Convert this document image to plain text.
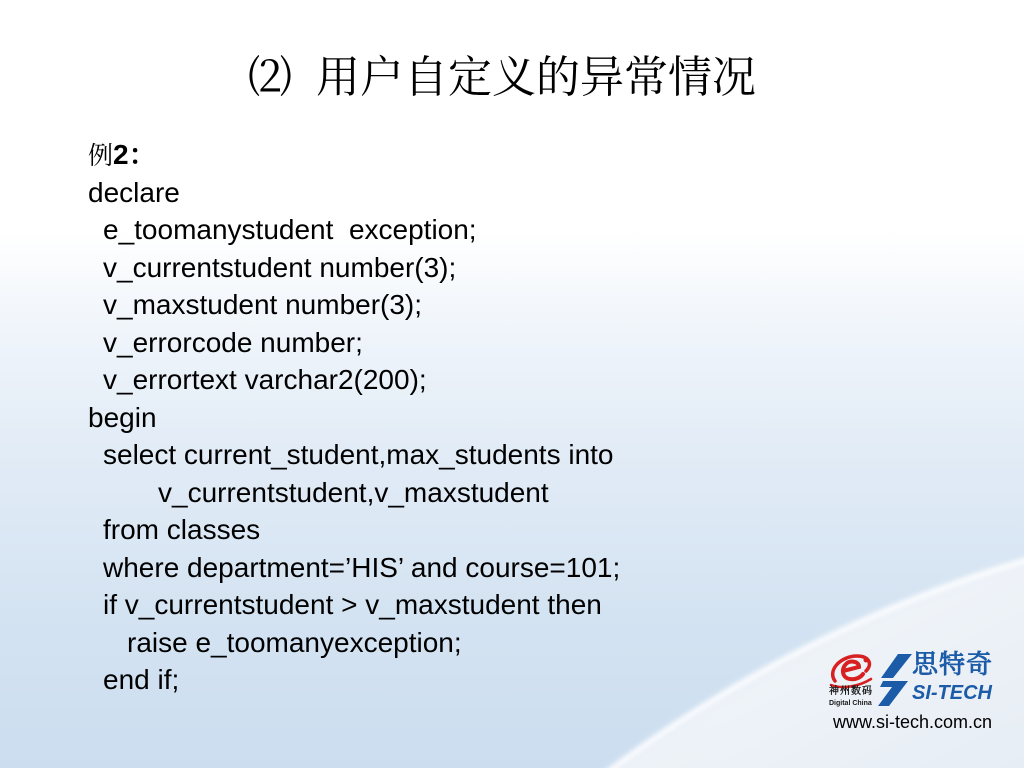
⑵ 用户自定义的异常情况
例2：
declare
e_toomanystudent  exception;
v_currentstudent number(3);
v_maxstudent number(3);
v_errorcode number;
v_errortext varchar2(200);
begin
select current_student,max_students into
v_currentstudent,v_maxstudent
from classes
where department=’HIS’ and course=101;
if v_currentstudent > v_maxstudent then
raise e_toomanyexception;
end if;	神州数码
Digital China
思特奇
SI-TECH
www.si-tech.com.cn
